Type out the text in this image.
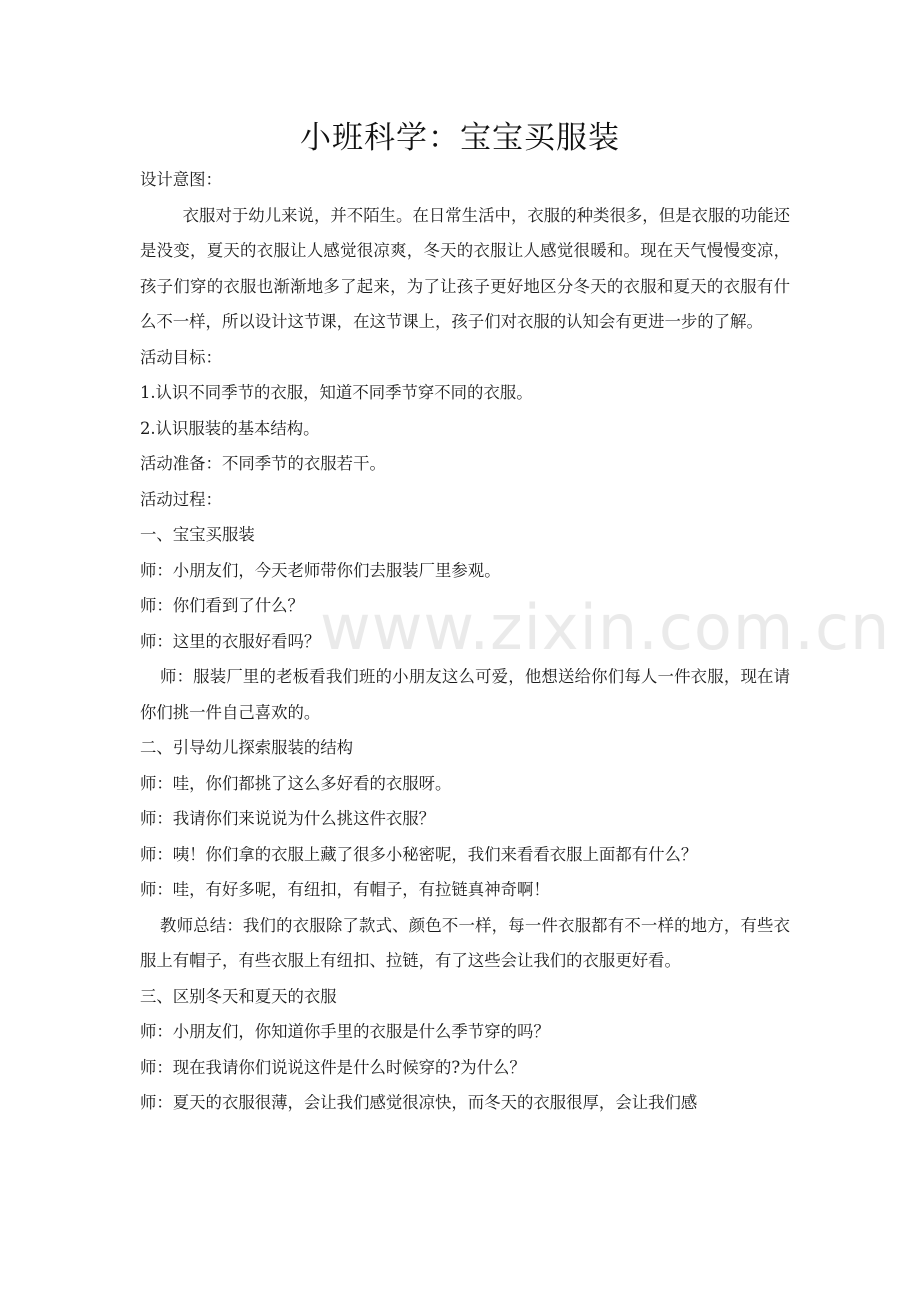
小班科学：宝宝买服装

设计意图：

衣服对于幼儿来说，并不陌生。在日常生活中，衣服的种类很多，但是衣服的功能还是没变，夏天的衣服让人感觉很凉爽，冬天的衣服让人感觉很暖和。现在天气慢慢变凉，孩子们穿的衣服也渐渐地多了起来，为了让孩子更好地区分冬天的衣服和夏天的衣服有什么不一样，所以设计这节课，在这节课上，孩子们对衣服的认知会有更进一步的了解。

活动目标：

1.认识不同季节的衣服，知道不同季节穿不同的衣服。

2.认识服装的基本结构。

活动准备：不同季节的衣服若干。

活动过程：

一、宝宝买服装

师：小朋友们，今天老师带你们去服装厂里参观。

师：你们看到了什么？

师：这里的衣服好看吗？

师：服装厂里的老板看我们班的小朋友这么可爱，他想送给你们每人一件衣服，现在请你们挑一件自己喜欢的。

二、引导幼儿探索服装的结构

师：哇，你们都挑了这么多好看的衣服呀。

师：我请你们来说说为什么挑这件衣服？

师：咦！你们拿的衣服上藏了很多小秘密呢，我们来看看衣服上面都有什么？

师：哇，有好多呢，有纽扣，有帽子，有拉链真神奇啊！

教师总结：我们的衣服除了款式、颜色不一样，每一件衣服都有不一样的地方，有些衣服上有帽子，有些衣服上有纽扣、拉链，有了这些会让我们的衣服更好看。

三、区别冬天和夏天的衣服

师：小朋友们，你知道你手里的衣服是什么季节穿的吗？

师：现在我请你们说说这件是什么时候穿的?为什么？

师：夏天的衣服很薄，会让我们感觉很凉快，而冬天的衣服很厚，会让我们感

www.zixin.com.cn
